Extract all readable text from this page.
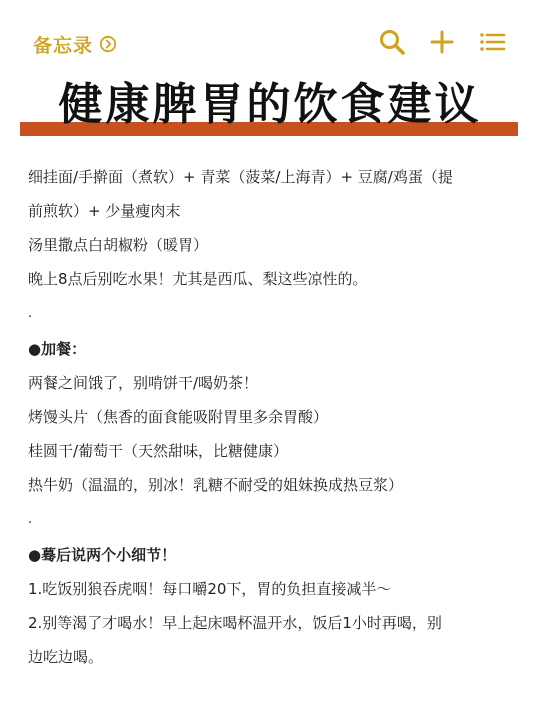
备忘录
健康脾胃的饮食建议

细挂面/手擀面（煮软）+ 青菜（菠菜/上海青）+ 豆腐/鸡蛋（提

前煎软）+ 少量瘦肉末

汤里撒点白胡椒粉（暖胃）

晚上8点后别吃水果！尤其是西瓜、梨这些凉性的。

.

●加餐：

两餐之间饿了，别啃饼干/喝奶茶！

烤馒头片（焦香的面食能吸附胃里多余胃酸）

桂圆干/葡萄干（天然甜味，比糖健康）

热牛奶（温温的，别冰！乳糖不耐受的姐妹换成热豆浆）

.

●蓦后说两个小细节！

1.吃饭别狼吞虎咽！每口嚼20下，胃的负担直接减半～

2.别等渴了才喝水！早上起床喝杯温开水，饭后1小时再喝，别

边吃边喝。
